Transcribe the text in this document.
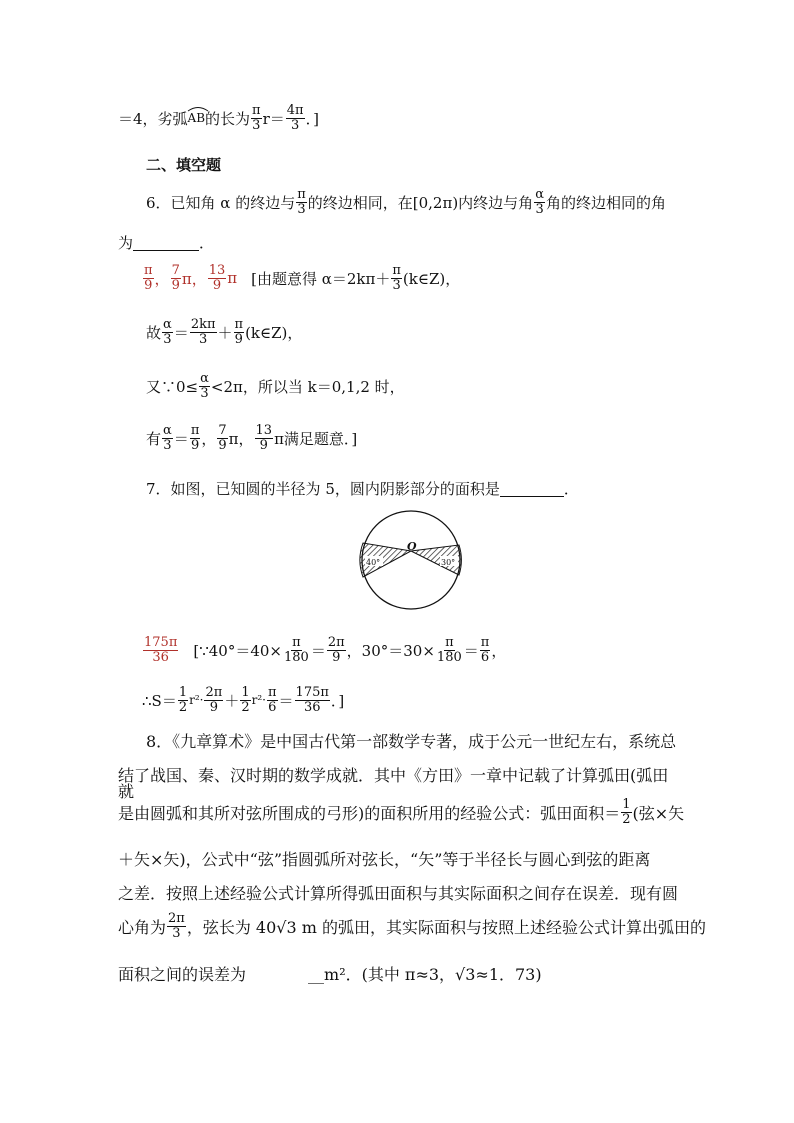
＝4，劣弧 AB 的长为 $\frac{\pi}{3} r= \frac{4\pi}{3}$ ．]
二、填空题
6．已知角 α 的终边与 $\frac{\pi}{3}$ 的终边相同，在[0,2π)内终边与角 $\frac{\alpha}{3}$ 角的终边相同的角
为	．
$\frac{\pi}{9}$ ， $\frac{7}{9}$ π， $\frac{13}{9}$ π [由题意得 $\alpha=2k\pi+ \frac{\pi}{3}$ (k∈Z)，
故 $\frac{\alpha}{3} = \frac{2k\pi}{3} + \frac{\pi}{9}$ (k∈Z)，
又∵0≤ $\frac{\alpha}{3} <2\pi$，所以当 k＝0,1,2 时，
有 $\frac{\alpha}{3} = \frac{\pi}{9}$ ， $\frac{7}{9}$ π， $\frac{13}{9}$ π满足题意．]
7．如图，已知圆的半径为 5，圆内阴影部分的面积是	．
40°	30°
O
$\frac{175\pi}{36}$ [∵40°＝40× $\frac{\pi}{180} = \frac{2\pi}{9}$ ，$30^\circ=30\times \frac{\pi}{180} = \frac{\pi}{6}$ ，
∴S＝ $\frac{1}{2} r^2\cdot \frac{2\pi}{9} + \frac{1}{2} r^2\cdot \frac{\pi}{6} = \frac{175\pi}{36}$ ．]
8．《九章算术》是中国古代第一部数学专著，成于公元一世纪左右，系统总
结了战国、秦、汉时期的数学成就．其中《方田》一章中记载了计算弧田(弧田就
是由圆弧和其所对弦所围成的弓形)的面积所用的经验公式：弧田面积＝ $\frac{1}{2}$ (弦×矢
＋矢×矢)，公式中“弦”指圆弧所对弦长，“矢”等于半径长与圆心到弦的距离
之差．按照上述经验公式计算所得弧田面积与其实际面积之间存在误差．现有圆
心角为 $\frac{2\pi}{3}$ ，弦长为 40√3 m 的弧田，其实际面积与按照上述经验公式计算出弧田的
面积之间的误差为	__m²．(其中 π≈3，√3≈1．73)
